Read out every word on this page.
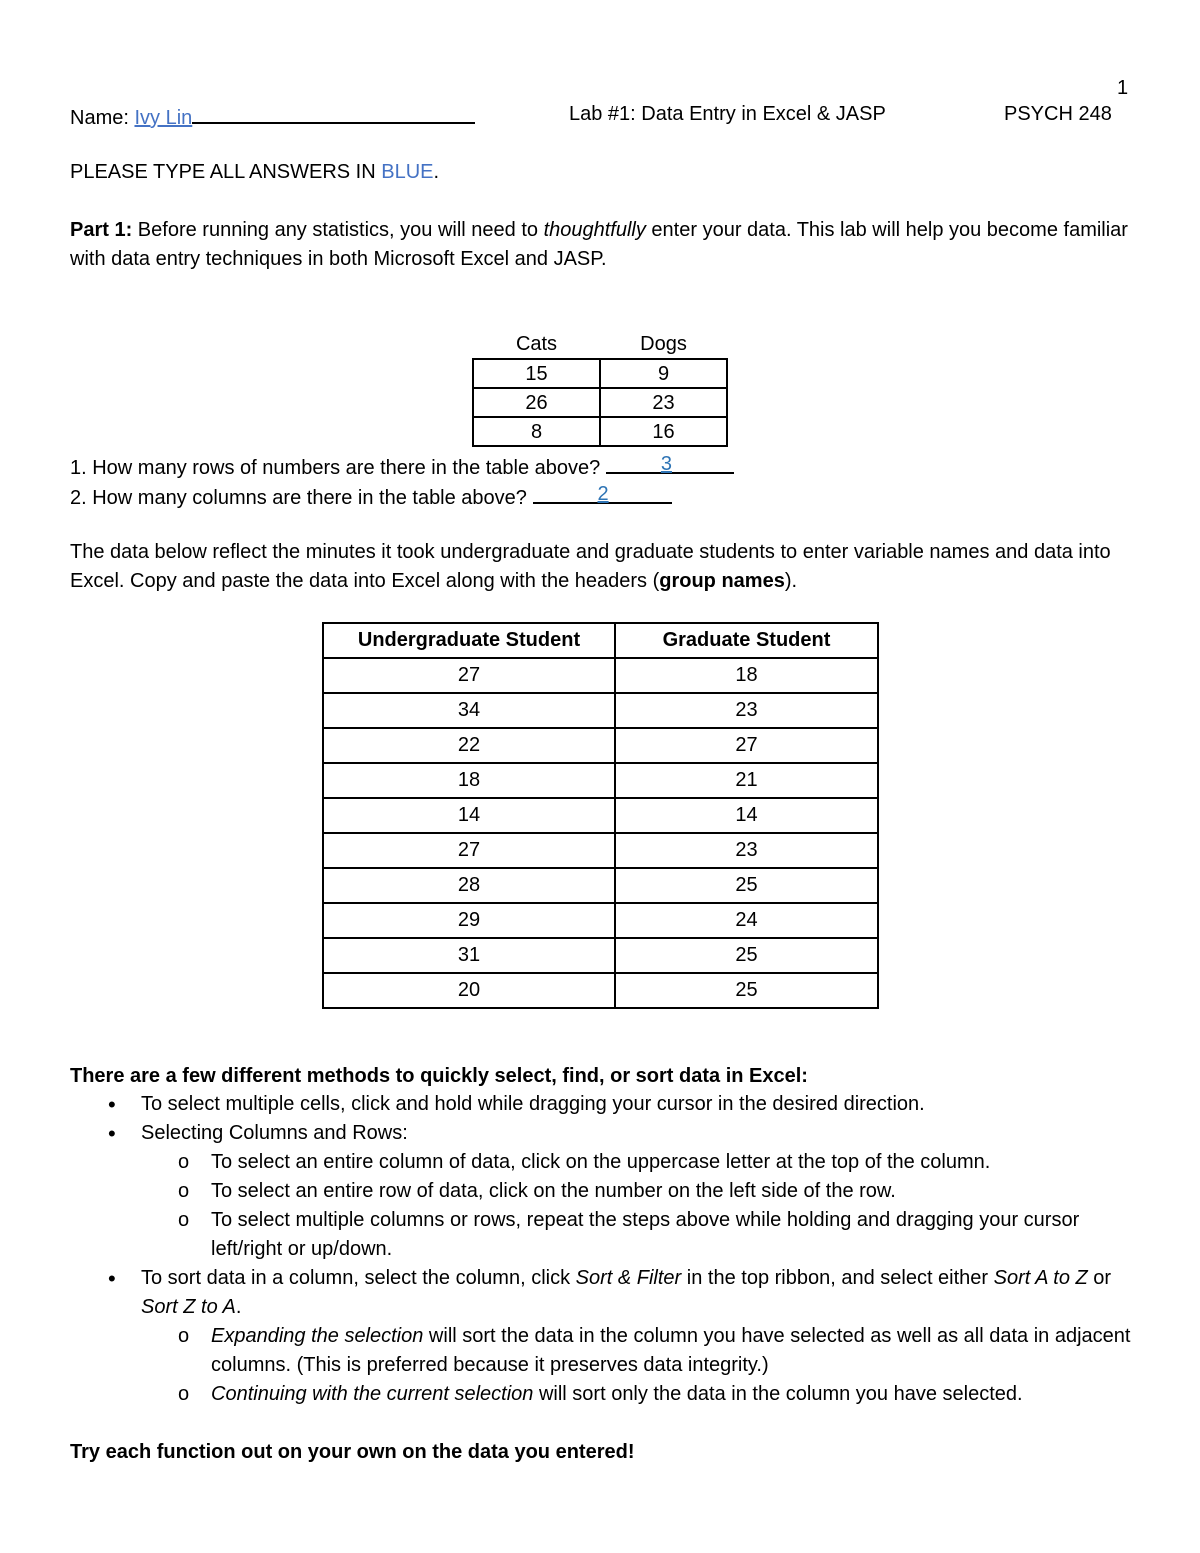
1
Name: Ivy Lin	Lab #1: Data Entry in Excel & JASP	PSYCH 248
PLEASE TYPE ALL ANSWERS IN BLUE.
Part 1: Before running any statistics, you will need to thoughtfully enter your data. This lab will help you become familiar with data entry techniques in both Microsoft Excel and JASP.
Cats	Dogs
15	9
26	23
8	16
1. How many rows of numbers are there in the table above?	3
2. How many columns are there in the table above?	2
The data below reflect the minutes it took undergraduate and graduate students to enter variable names and data into Excel. Copy and paste the data into Excel along with the headers (group names).
Undergraduate Student	Graduate Student
27	18
34	23
22	27
18	21
14	14
27	23
28	25
29	24
31	25
20	25
There are a few different methods to quickly select, find, or sort data in Excel:
• To select multiple cells, click and hold while dragging your cursor in the desired direction.
• Selecting Columns and Rows:
o To select an entire column of data, click on the uppercase letter at the top of the column.
o To select an entire row of data, click on the number on the left side of the row.
o To select multiple columns or rows, repeat the steps above while holding and dragging your cursor left/right or up/down.
• To sort data in a column, select the column, click Sort & Filter in the top ribbon, and select either Sort A to Z or Sort Z to A.
o Expanding the selection will sort the data in the column you have selected as well as all data in adjacent columns. (This is preferred because it preserves data integrity.)
o Continuing with the current selection will sort only the data in the column you have selected.
Try each function out on your own on the data you entered!
